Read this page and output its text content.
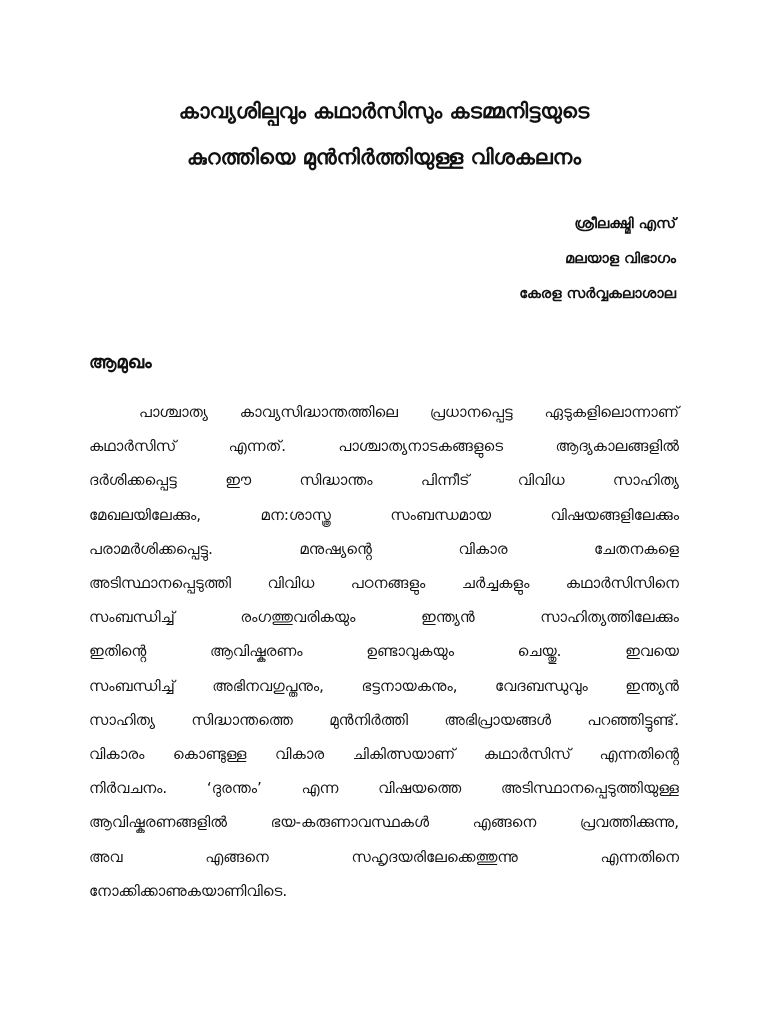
കാവ്യശില്പവും കഥാർസിസും കടമ്മനിട്ടയുടെ

കുറത്തിയെ മുൻനിർത്തിയുള്ള വിശകലനം

ശ്രീലക്ഷ്മി എസ്

മലയാള വിഭാഗം

കേരള സർവ്വകലാശാല

ആമുഖം

പാശ്ചാത്യ കാവ്യസിദ്ധാന്തത്തിലെ പ്രധാനപ്പെട്ട ഏടുകളിലൊന്നാണ്

കഥാർസിസ്	എന്നത്.	പാശ്ചാത്യനാടകങ്ങളുടെ	ആദ്യകാലങ്ങളിൽ

ദർശിക്കപ്പെട്ട	ഈ	സിദ്ധാന്തം	പിന്നീട്	വിവിധ	സാഹിത്യ

മേഖലയിലേക്കും,	മന:ശാസ്ത്ര	സംബന്ധമായ	വിഷയങ്ങളിലേക്കും

പരാമർശിക്കപ്പെട്ടു.	മനുഷ്യൻ്റെ	വികാര	ചേതനകളെ

അടിസ്ഥാനപ്പെടുത്തി വിവിധ പഠനങ്ങളും ചർച്ചകളും കഥാർസിസിനെ

സംബന്ധിച്ച്	രംഗത്തുവരികയും	ഇന്ത്യൻ	സാഹിത്യത്തിലേക്കും

ഇതിൻ്റെ	ആവിഷ്കരണം	ഉണ്ടാവുകയും	ചെയ്തു.	ഇവയെ

സംബന്ധിച്ച്	അഭിനവഗുപ്തനും,	ഭട്ടനായകനും,	വേദബന്ധുവും	ഇന്ത്യൻ

സാഹിത്യ സിദ്ധാന്തത്തെ മുൻനിർത്തി അഭിപ്രായങ്ങൾ പറഞ്ഞിട്ടുണ്ട്.

വികാരം കൊണ്ടുള്ള വികാര ചികിത്സയാണ് കഥാർസിസ് എന്നതിൻ്റെ

നിർവചനം.	‘ദുരന്തം’	എന്ന	വിഷയത്തെ	അടിസ്ഥാനപ്പെടുത്തിയുള്ള

ആവിഷ്കരണങ്ങളിൽ	ഭയ-കരുണാവസ്ഥകൾ	എങ്ങനെ	പ്രവത്തിക്കുന്നു,

അവ	എങ്ങനെ	സഹൃദയരിലേക്കെത്തുന്നു	എന്നതിനെ

നോക്കിക്കാണുകയാണിവിടെ.
